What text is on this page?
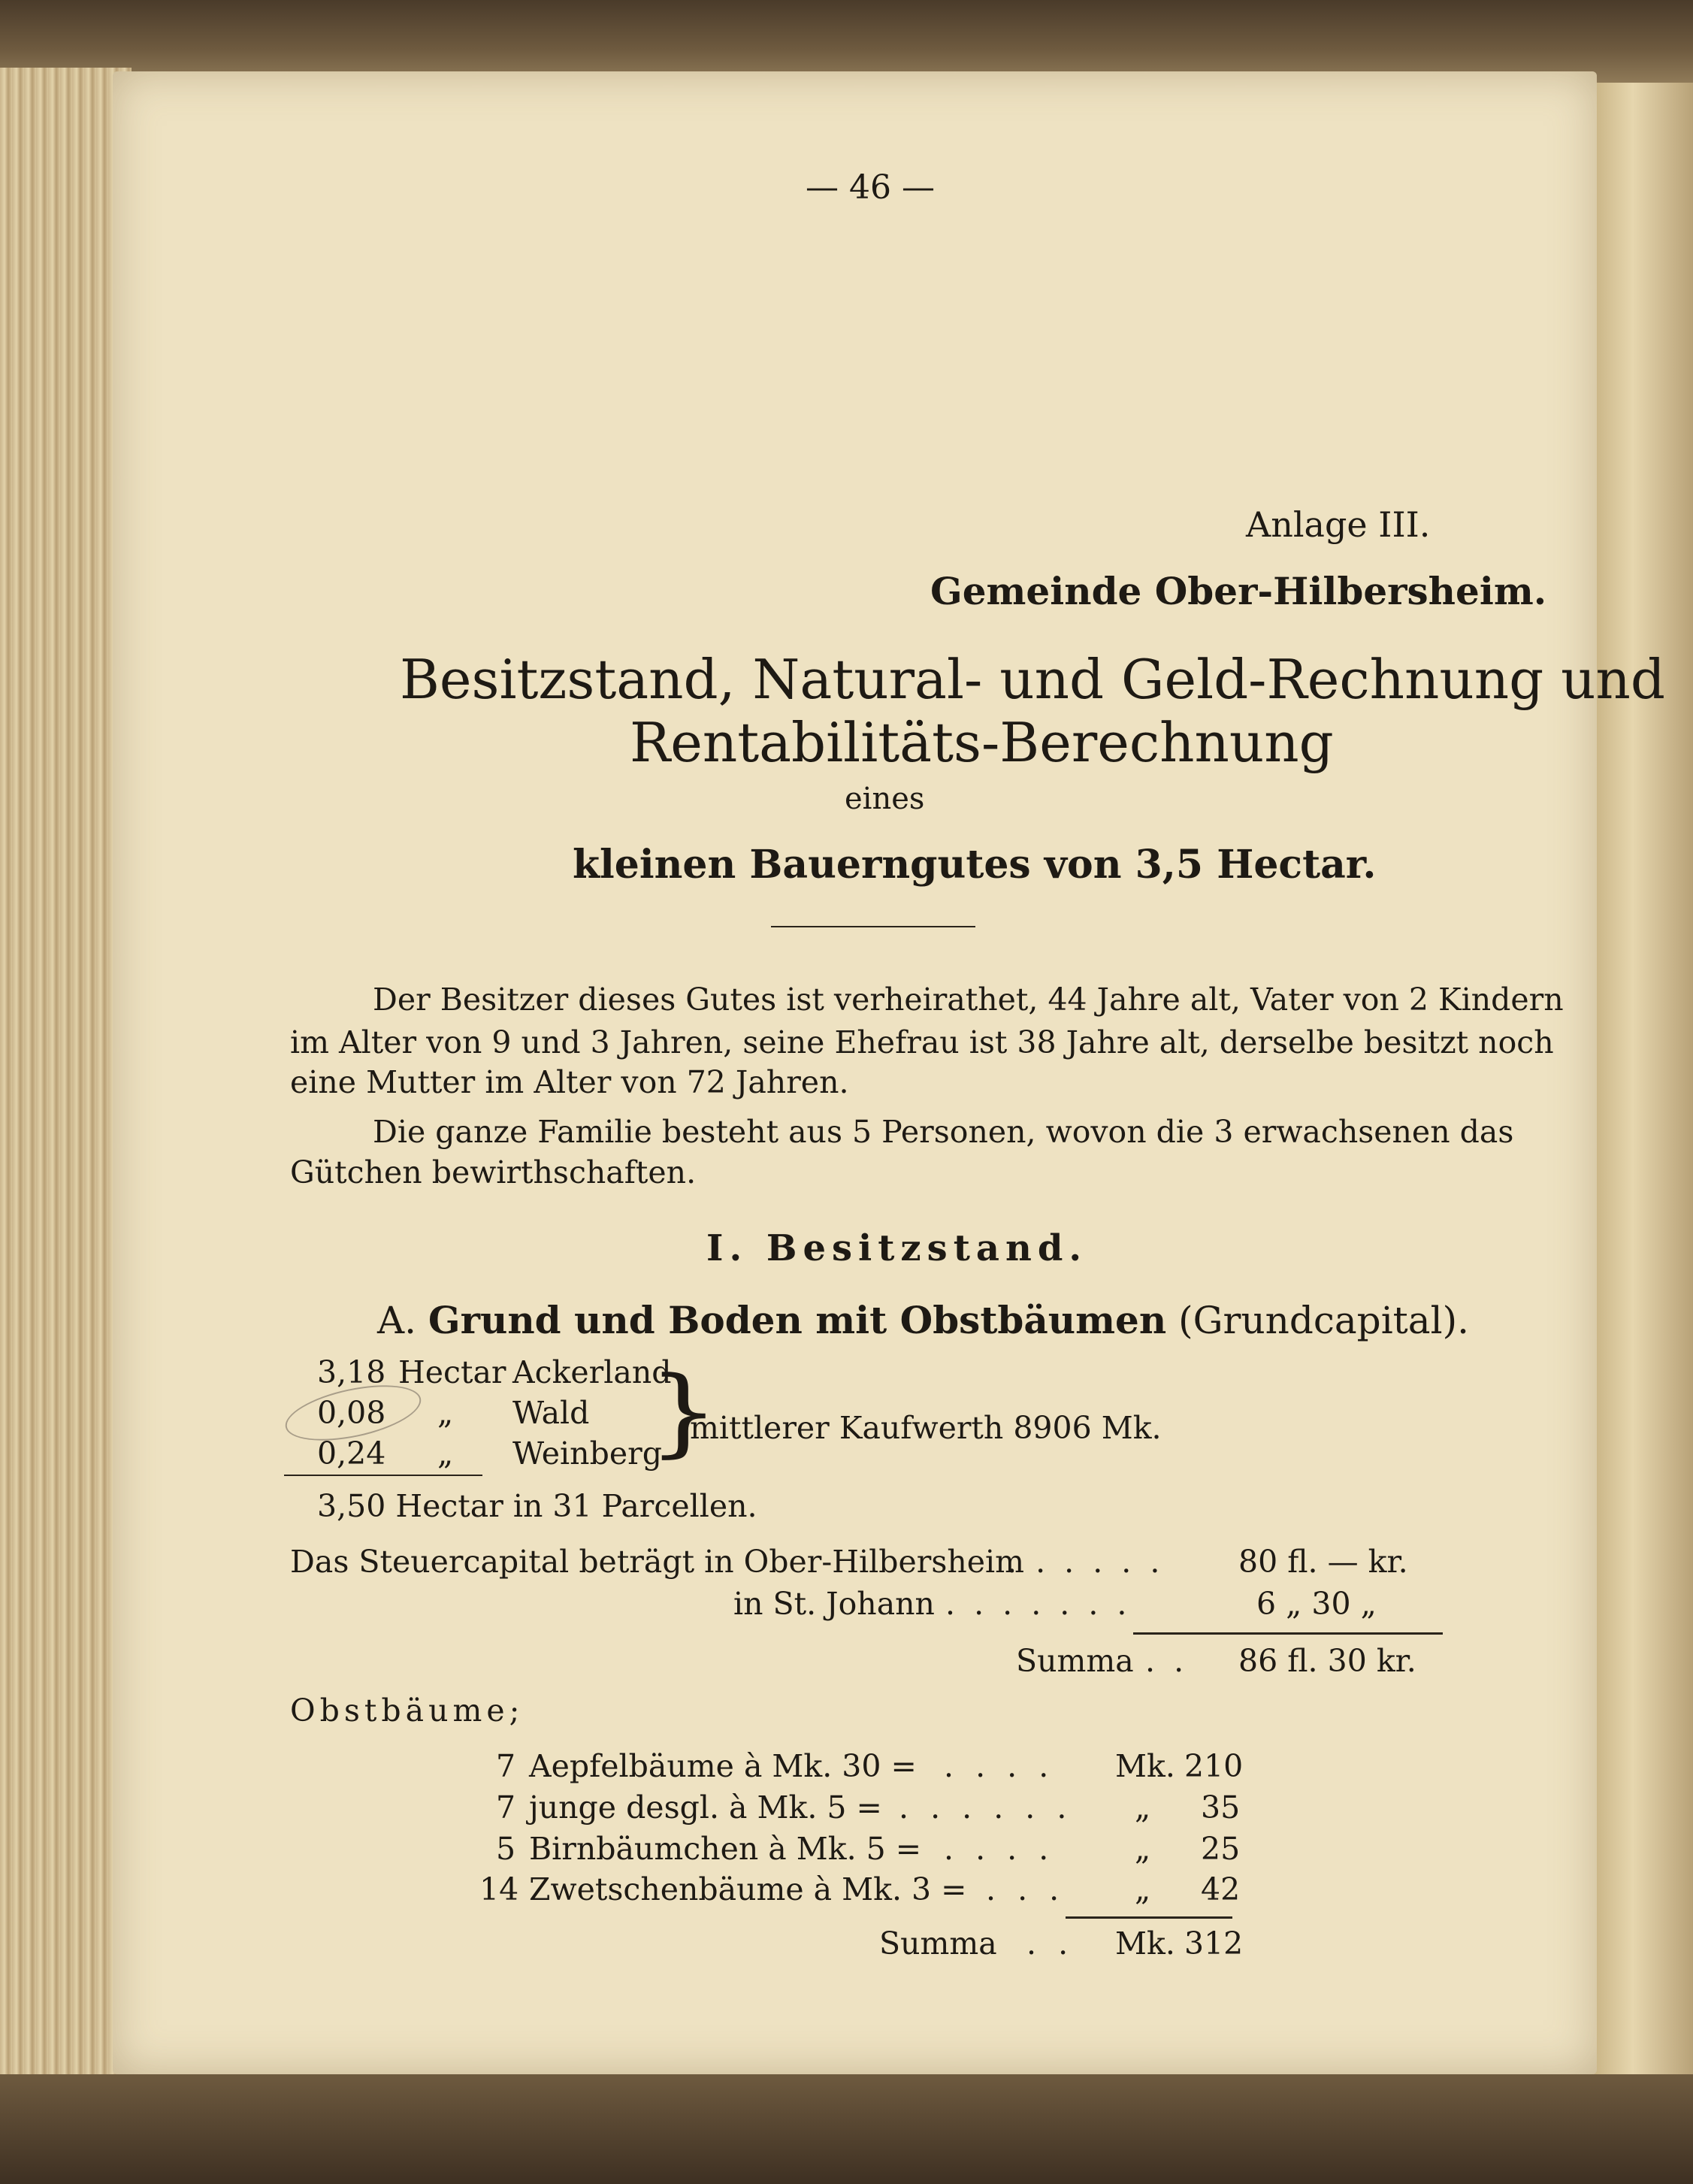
— 46 —
Anlage III.
Gemeinde Ober-Hilbersheim.
Besitzstand, Natural- und Geld-Rechnung und
Rentabilitäts-Berechnung
eines
kleinen Bauerngutes von 3,5 Hectar.
Der Besitzer dieses Gutes ist verheirathet, 44 Jahre alt, Vater von 2 Kindern
im Alter von 9 und 3 Jahren, seine Ehefrau ist 38 Jahre alt, derselbe besitzt noch
eine Mutter im Alter von 72 Jahren.
Die ganze Familie besteht aus 5 Personen, wovon die 3 erwachsenen das
Gütchen bewirthschaften.
I. Besitzstand.
A. Grund und Boden mit Obstbäumen (Grundcapital).
3,18 Hectar Ackerland
0,08 „ Wald
0,24 „ Weinberg
}
mittlerer Kaufwerth 8906 Mk.
3,50 Hectar in 31 Parcellen.
Das Steuercapital beträgt in Ober-Hilbersheim
. . . . . . 80 fl. — kr.
in St. Johann . . . . . . .	6 „ 30 „
Summa . . 86 fl. 30 kr.
Obstbäume;
7 Aepfelbäume à Mk. 30 = . . . . Mk. 210
7 junge desgl. à Mk. 5 = . . . . . . „ 35
5 Birnbäumchen à Mk. 5 = . . . .	„ 25
14 Zwetschenbäume à Mk. 3 = . . . „ 42
Summa . . Mk. 312
